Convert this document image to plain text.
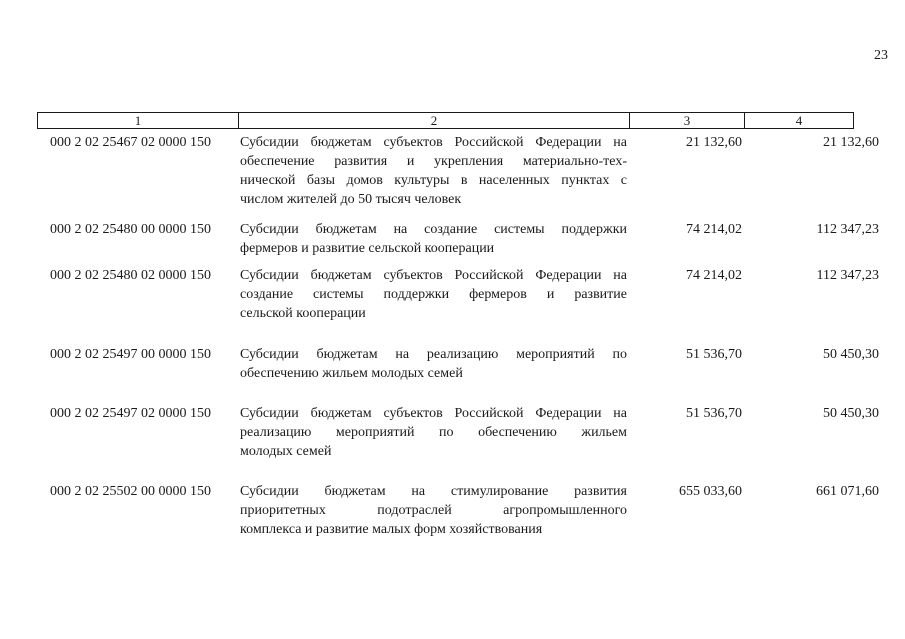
23
1	2	3	4
000 2 02 25467 02 0000 150 Субсидии бюджетам субъектов Российской Федерации на
обеспечение развития и укрепления материально-тех-
нической базы домов культуры в населенных пунктах с
числом жителей до 50 тысяч человек
21 132,60	21 132,60
000 2 02 25480 00 0000 150 Субсидии бюджетам на создание системы поддержки
фермеров и развитие сельской кооперации
74 214,02	112 347,23
000 2 02 25480 02 0000 150 Субсидии бюджетам субъектов Российской Федерации на
создание системы поддержки фермеров и развитие
сельской кооперации
74 214,02	112 347,23
000 2 02 25497 00 0000 150 Субсидии бюджетам на реализацию мероприятий по
обеспечению жильем молодых семей
51 536,70	50 450,30
000 2 02 25497 02 0000 150 Субсидии бюджетам субъектов Российской Федерации на
реализацию мероприятий по обеспечению жильем
молодых семей
51 536,70	50 450,30
000 2 02 25502 00 0000 150 Субсидии бюджетам на стимулирование развития
приоритетных подотраслей агропромышленного
комплекса и развитие малых форм хозяйствования
655 033,60	661 071,60
